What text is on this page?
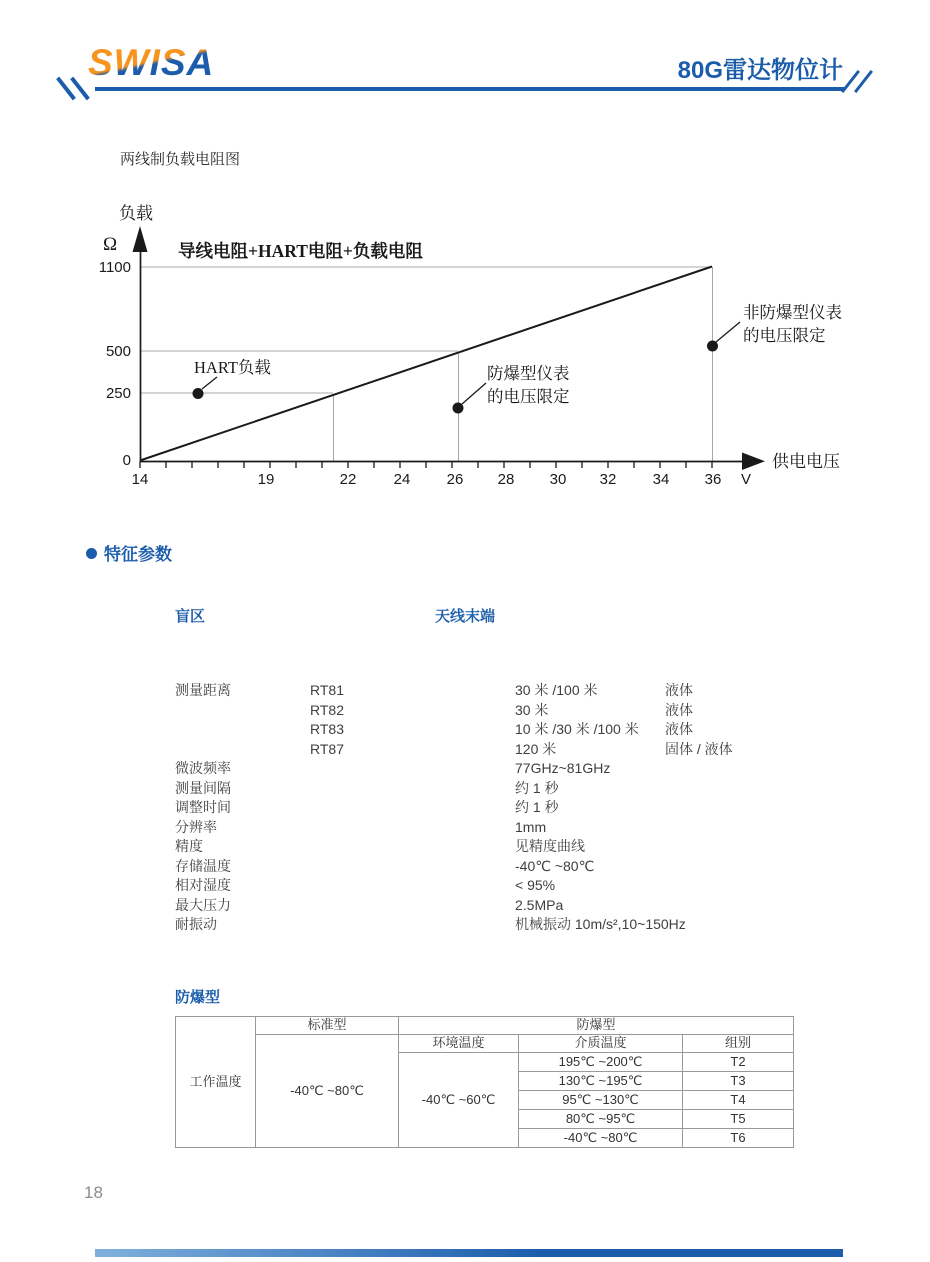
SWISA	80G雷达物位计
两线制负载电阻图
负载
Ω
1100
500
250
0
14	19	22 24 26 28 30 32 34 36 V
供电电压
导线电阻+HART电阻+负载电阻
HART负载	防爆型仪表
的电压限定
非防爆型仪表
的电压限定
特征参数
盲区	天线末端
测量距离	RT81	30 米 /100 米	液体
RT82	30 米	液体
RT83	10 米 /30 米 /100 米	液体
RT87	120 米	固体 / 液体
微波频率	77GHz~81GHz
测量间隔	约 1 秒
调整时间	约 1 秒
分辨率	1mm
精度	见精度曲线
存储温度	-40℃ ~80℃
相对湿度	< 95%
最大压力	2.5MPa
耐振动	机械振动 10m/s²,10~150Hz
防爆型
工作温度	标准型	防爆型		
	-40℃ ~80℃	环境温度	介质温度	组别
		-40℃ ~60℃	195℃ ~200℃	T2
			130℃ ~195℃	T3
			95℃ ~130℃	T4
			80℃ ~95℃	T5
			-40℃ ~80℃	T6
18
